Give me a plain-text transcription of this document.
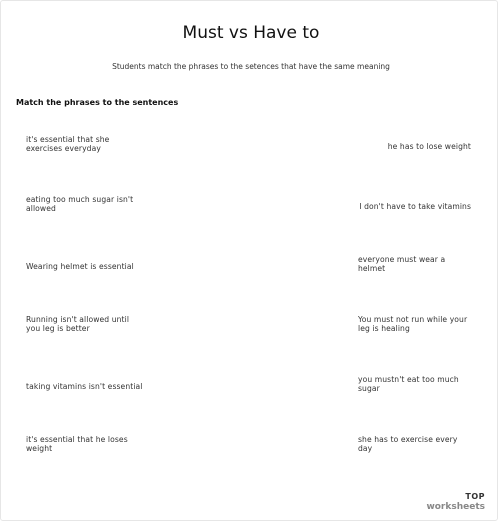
Must vs Have to
Students match the phrases to the setences that have the same meaning
Match the phrases to the sentences
it's essential that she
exercises everyday
eating too much sugar isn't
allowed
Wearing helmet is essential
Running isn't allowed until
you leg is better
taking vitamins isn't essential
it's essential that he loses
weight
he has to lose weight
I don't have to take vitamins
everyone must wear a
helmet
You must not run while your
leg is healing
you mustn't eat too much
sugar
she has to exercise every
day
TOP
worksheets
